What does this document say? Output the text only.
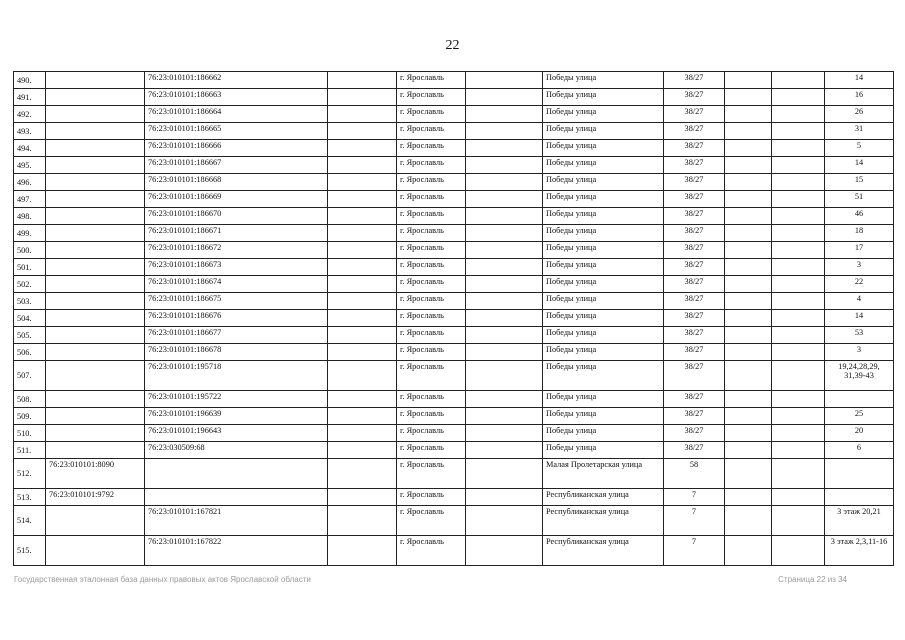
22
490.		76:23:010101:186662		г. Ярославль		Победы улица	38/27			14
491.		76:23:010101:186663		г. Ярославль		Победы улица	38/27			16
492.		76:23:010101:186664		г. Ярославль		Победы улица	38/27			26
493.		76:23:010101:186665		г. Ярославль		Победы улица	38/27			31
494.		76:23:010101:186666		г. Ярославль		Победы улица	38/27			5
495.		76:23:010101:186667		г. Ярославль		Победы улица	38/27			14
496.		76:23:010101:186668		г. Ярославль		Победы улица	38/27			15
497.		76:23:010101:186669		г. Ярославль		Победы улица	38/27			51
498.		76:23:010101:186670		г. Ярославль		Победы улица	38/27			46
499.		76:23:010101:186671		г. Ярославль		Победы улица	38/27			18
500.		76:23:010101:186672		г. Ярославль		Победы улица	38/27			17
501.		76:23:010101:186673		г. Ярославль		Победы улица	38/27			3
502.		76:23:010101:186674		г. Ярославль		Победы улица	38/27			22
503.		76:23:010101:186675		г. Ярославль		Победы улица	38/27			4
504.		76:23:010101:186676		г. Ярославль		Победы улица	38/27			14
505.		76:23:010101:186677		г. Ярославль		Победы улица	38/27			53
506.		76:23:010101:186678		г. Ярославль		Победы улица	38/27			3
507.		76:23:010101:195718		г. Ярославль		Победы улица	38/27			19,24,28,29, 31,39-43
508.		76:23:010101:195722		г. Ярославль		Победы улица	38/27			
509.		76:23:010101:196639		г. Ярославль		Победы улица	38/27			25
510.		76:23:010101:196643		г. Ярославль		Победы улица	38/27			20
511.		76:23:030509:68		г. Ярославль		Победы улица	38/27			6
512.	76:23:010101:8090			г. Ярославль		Малая Пролетарская улица	58			
513.	76:23:010101:9792			г. Ярославль		Республиканская улица	7			
514.		76:23:010101:167821		г. Ярославль		Республиканская улица	7			3 этаж 20,21
515.		76:23:010101:167822		г. Ярославль		Республиканская улица	7			3 этаж 2,3,11-16
Государственная эталонная база данных правовых актов Ярославской области	Страница 22 из 34
